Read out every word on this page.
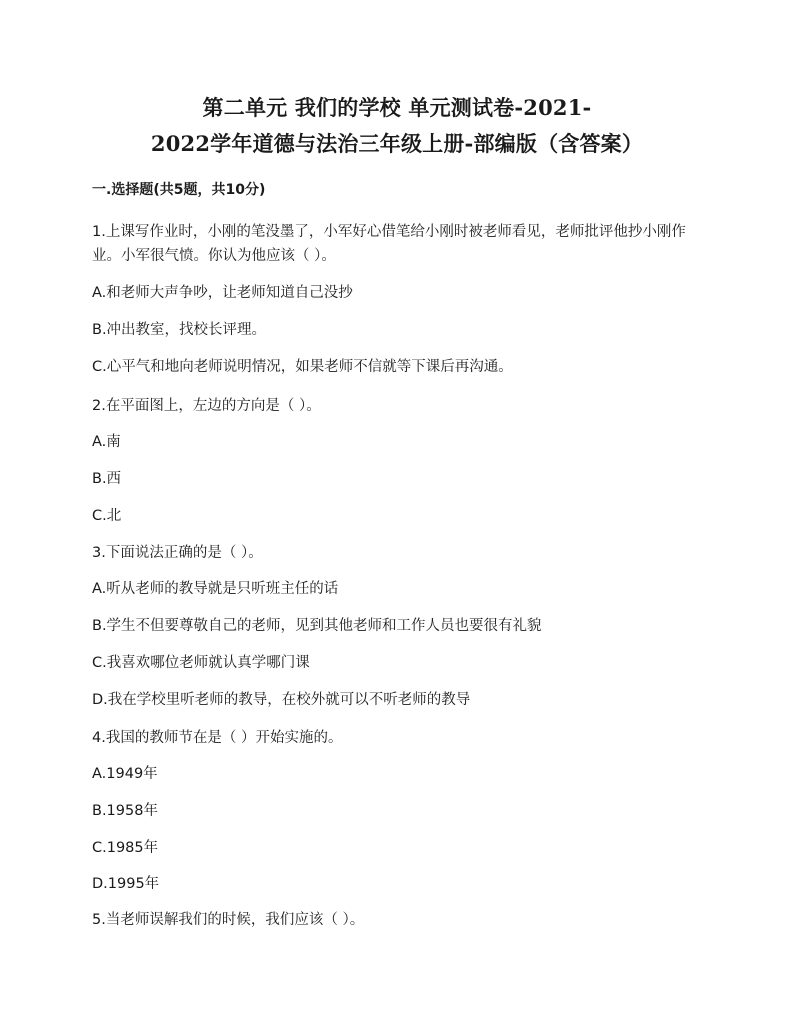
第二单元 我们的学校 单元测试卷-2021-
2022学年道德与法治三年级上册-部编版（含答案）
一.选择题(共5题，共10分)
1.上课写作业时，小刚的笔没墨了，小军好心借笔给小刚时被老师看见，老师批评他抄小刚作业。小军很气愤。你认为他应该（ ）。
A.和老师大声争吵，让老师知道自己没抄
B.冲出教室，找校长评理。
C.心平气和地向老师说明情况，如果老师不信就等下课后再沟通。
2.在平面图上，左边的方向是（ ）。
A.南
B.西
C.北
3.下面说法正确的是（ ）。
A.听从老师的教导就是只听班主任的话
B.学生不但要尊敬自己的老师，见到其他老师和工作人员也要很有礼貌
C.我喜欢哪位老师就认真学哪门课
D.我在学校里听老师的教导，在校外就可以不听老师的教导
4.我国的教师节在是（ ）开始实施的。
A.1949年
B.1958年
C.1985年
D.1995年
5.当老师误解我们的时候，我们应该（ ）。
